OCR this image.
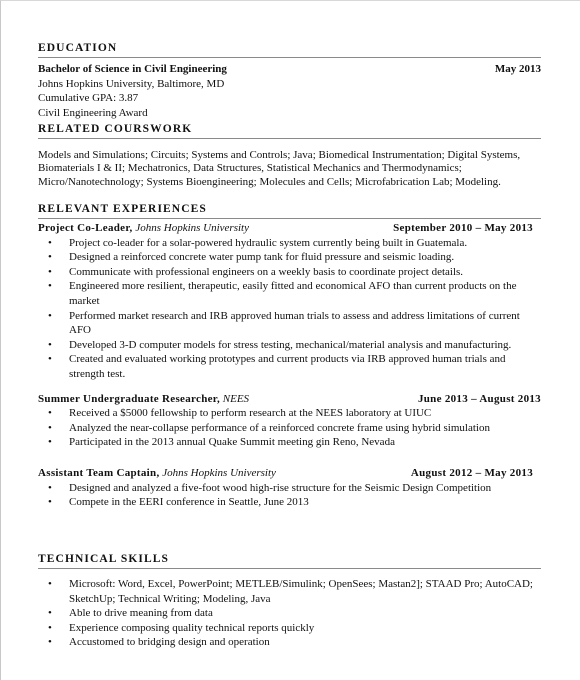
EDUCATION
Bachelor of Science in Civil Engineering	May 2013
Johns Hopkins University, Baltimore, MD
Cumulative GPA: 3.87
Civil Engineering Award
RELATED COURSWORK
Models and Simulations; Circuits; Systems and Controls; Java; Biomedical Instrumentation; Digital Systems,
Biomaterials I & II; Mechatronics, Data Structures, Statistical Mechanics and Thermodynamics;
Micro/Nanotechnology; Systems Bioengineering; Molecules and Cells; Microfabrication Lab; Modeling.
RELEVANT EXPERIENCES
Project Co-Leader, Johns Hopkins University	September 2010 – May 2013
• Project co-leader for a solar-powered hydraulic system currently being built in Guatemala.
• Designed a reinforced concrete water pump tank for fluid pressure and seismic loading.
• Communicate with professional engineers on a weekly basis to coordinate project details.
• Engineered more resilient, therapeutic, easily fitted and economical AFO than current products on the market
• Performed market research and IRB approved human trials to assess and address limitations of current AFO
• Developed 3-D computer models for stress testing, mechanical/material analysis and manufacturing.
• Created and evaluated working prototypes and current products via IRB approved human trials and strength test.
Summer Undergraduate Researcher, NEES	June 2013 – August 2013
• Received a $5000 fellowship to perform research at the NEES laboratory at UIUC
• Analyzed the near-collapse performance of a reinforced concrete frame using hybrid simulation
• Participated in the 2013 annual Quake Summit meeting gin Reno, Nevada
Assistant Team Captain, Johns Hopkins University	August 2012 – May 2013
• Designed and analyzed a five-foot wood high-rise structure for the Seismic Design Competition
• Compete in the EERI conference in Seattle, June 2013
TECHNICAL SKILLS
• Microsoft: Word, Excel, PowerPoint; METLEB/Simulink; OpenSees; Mastan2]; STAAD Pro; AutoCAD; SketchUp; Technical Writing; Modeling, Java
• Able to drive meaning from data
• Experience composing quality technical reports quickly
• Accustomed to bridging design and operation
